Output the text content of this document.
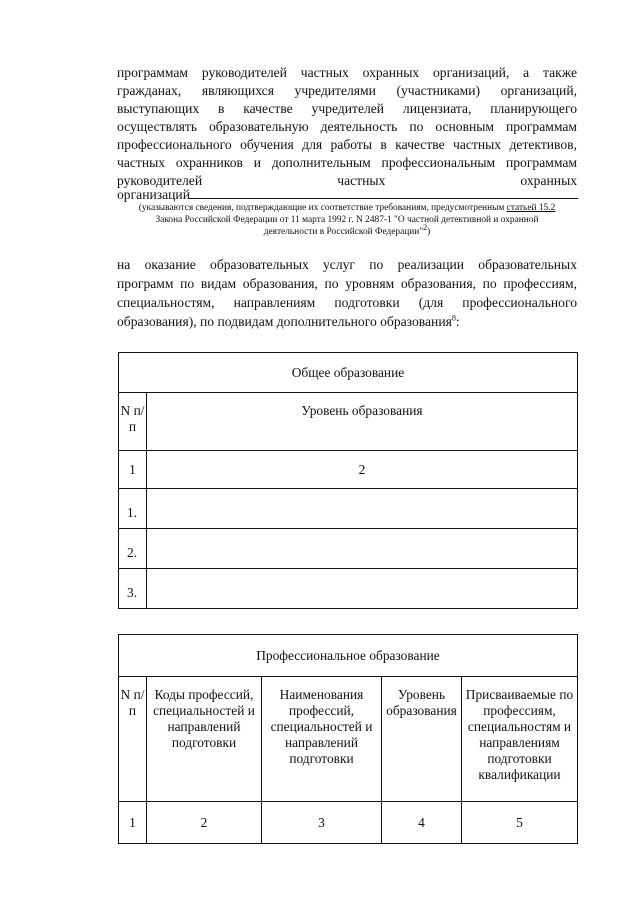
программам руководителей частных охранных организаций, а также
гражданах, являющихся учредителями (участниками) организаций,
выступающих в качестве учредителей лицензиата, планирующего
осуществлять образовательную деятельность по основным программам
профессионального обучения для работы в качестве частных детективов,
частных охранников и дополнительным профессиональным программам
руководителей частных охранных
организаций
(указываются сведения, подтверждающие их соответствие требованиям, предусмотренным статьей 15.2
Закона Российской Федерации от 11 марта 1992 г. N 2487-1 "О частной детективной и охранной
деятельности в Российской Федерации"$^2$)
на оказание образовательных услуг по реализации образовательных
программ по видам образования, по уровням образования, по профессиям,
специальностям, направлениям подготовки (для профессионального
образования), по подвидам дополнительного образования$^8$:
Общее образование	
N п/п	Уровень образования
1	2
1.	
2.	
3.	
Профессиональное образование				
N п/п	Коды профессий, специальностей и направлений подготовки	Наименования профессий, специальностей и направлений подготовки	Уровень образования	Присваиваемые по профессиям, специальностям и направлениям подготовки квалификации
1	2	3	4	5
